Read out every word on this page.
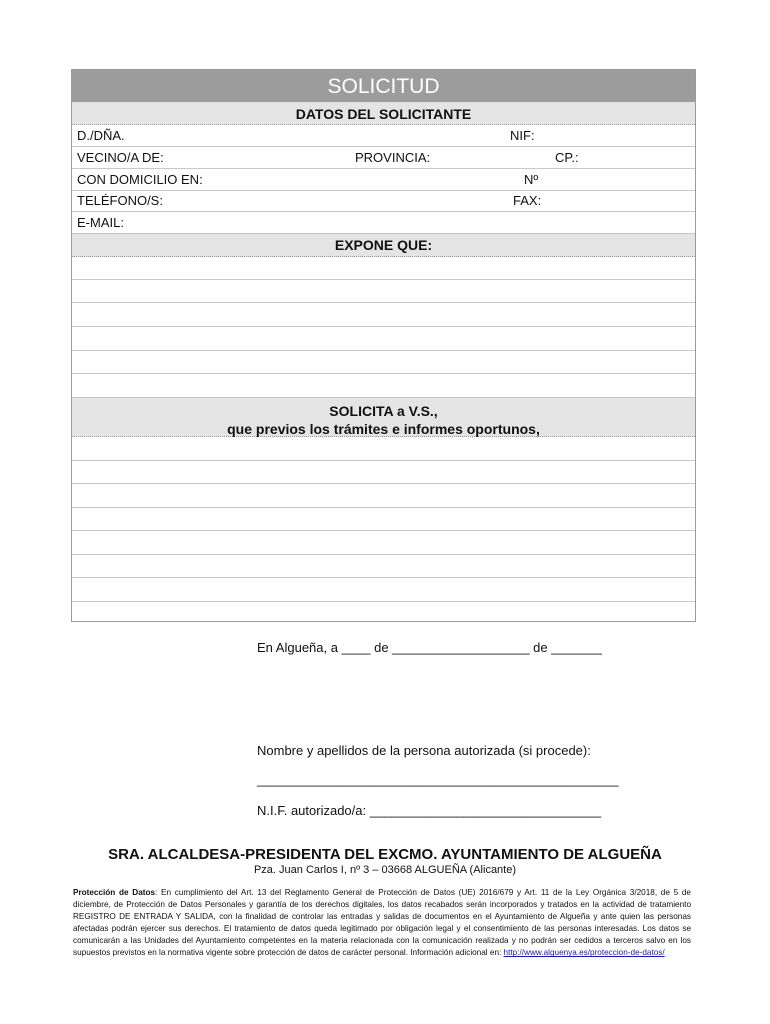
SOLICITUD
DATOS DEL SOLICITANTE
D./DÑA.	NIF:
VECINO/A DE:	PROVINCIA:	CP.:
CON DOMICILIO EN:	Nº
TELÉFONO/S:	FAX:
E-MAIL:
EXPONE QUE:
SOLICITA a V.S.,
que previos los trámites e informes oportunos,
En Algueña, a ____ de ___________________ de _______
Nombre y apellidos de la persona autorizada (si procede):
__________________________________________________
N.I.F. autorizado/a: ________________________________
SRA. ALCALDESA-PRESIDENTA DEL EXCMO. AYUNTAMIENTO DE ALGUEÑA
Pza. Juan Carlos I, nº 3 – 03668 ALGUEÑA (Alicante)
Protección de Datos: En cumplimiento del Art. 13 del Reglamento General de Protección de Datos (UE) 2016/679 y Art. 11 de la Ley Orgánica 3/2018, de 5 de diciembre, de Protección de Datos Personales y garantía de los derechos digitales, los datos recabados serán incorporados y tratados en la actividad de tratamiento REGISTRO DE ENTRADA Y SALIDA, con la finalidad de controlar las entradas y salidas de documentos en el Ayuntamiento de Algueña y ante quien las personas afectadas podrán ejercer sus derechos. El tratamiento de datos queda legitimado por obligación legal y el consentimiento de las personas interesadas. Los datos se comunicarán a las Unidades del Ayuntamiento competentes en la materia relacionada con la comunicación realizada y no podrán ser cedidos a terceros salvo en los supuestos previstos en la normativa vigente sobre protección de datos de carácter personal. Información adicional en: http://www.alguenya.es/proteccion-de-datos/
